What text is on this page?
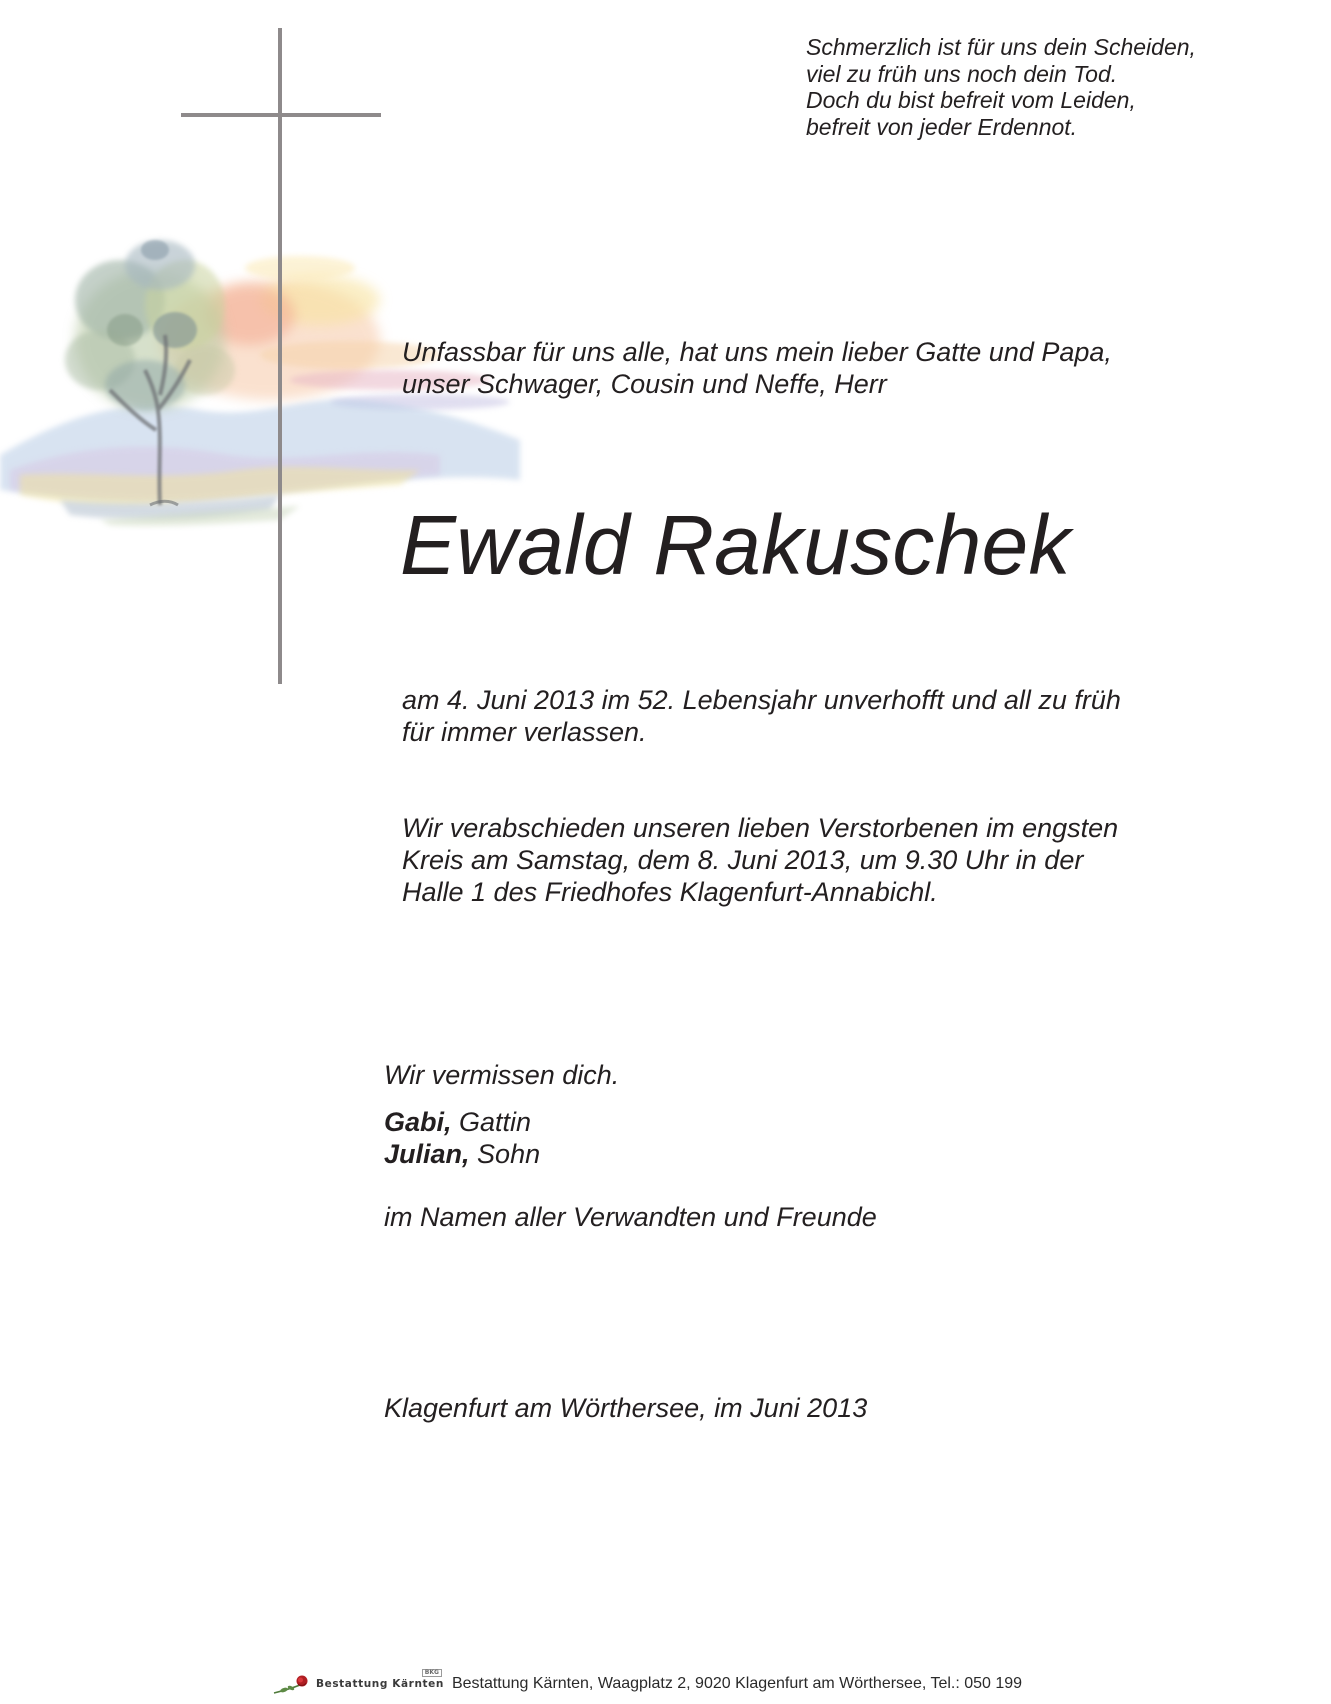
Schmerzlich ist für uns dein Scheiden,
viel zu früh uns noch dein Tod.
Doch du bist befreit vom Leiden,
befreit von jeder Erdennot.
Unfassbar für uns alle, hat uns mein lieber Gatte und Papa,
unser Schwager, Cousin und Neffe, Herr
Ewald Rakuschek
am 4. Juni 2013 im 52. Lebensjahr unverhofft und all zu früh
für immer verlassen.
Wir verabschieden unseren lieben Verstorbenen im engsten
Kreis am Samstag, dem 8. Juni 2013, um 9.30 Uhr in der
Halle 1 des Friedhofes Klagenfurt-Annabichl.
Wir vermissen dich.
Gabi, Gattin
Julian, Sohn
im Namen aller Verwandten und Freunde
Klagenfurt am Wörthersee, im Juni 2013
Bestattung Kärnten
BKG
Bestattung Kärnten, Waagplatz 2, 9020 Klagenfurt am Wörthersee, Tel.: 050 199
